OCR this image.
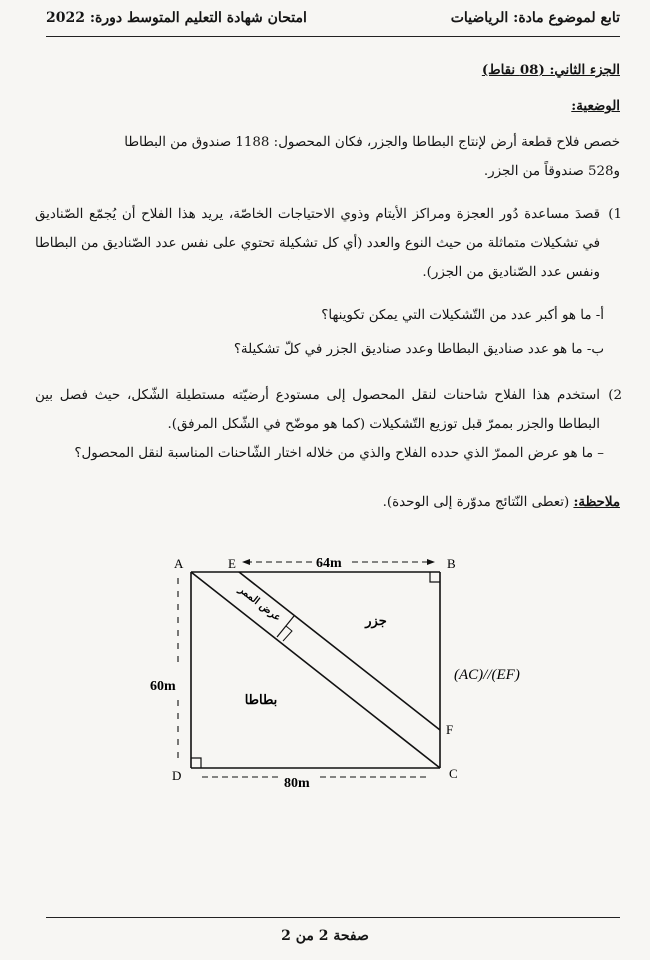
امتحان شهادة التعليم المتوسط دورة: 2022	تابع لموضوع مادة: الرياضيات
الجزء الثاني: (08 نقاط)
الوضعية:
خصص فلاح قطعة أرض لإنتاج البطاطا والجزر، فكان المحصول: 1188 صندوق من البطاطا
و528 صندوقاً من الجزر.
1)
قصدَ مساعدة دُور العجزة ومراكز الأيتام وذوي الاحتياجات الخاصّة، يريد هذا الفلاح أن يُجمّع الصّناديق في تشكيلات متماثلة من حيث النوع والعدد (أي كل تشكيلة تحتوي على نفس عدد الصّناديق من البطاطا ونفس عدد الصّناديق من الجزر).
أ- ما هو أكبر عدد من التّشكيلات التي يمكن تكوينها؟
ب- ما هو عدد صناديق البطاطا وعدد صناديق الجزر في كلّ تشكيلة؟
2)
استخدم هذا الفلاح شاحنات لنقل المحصول إلى مستودع أرضيّته مستطيلة الشّكل، حيث فصل بين البطاطا والجزر بممرّ قبل توزيع التّشكيلات (كما هو موضّح في الشّكل المرفق).
– ما هو عرض الممرّ الذي حدده الفلاح والذي من خلاله اختار الشّاحنات المناسبة لنقل المحصول؟
ملاحظة: (تعطى النّتائج مدوّرة إلى الوحدة).
A	E	B
F
C
D
64m
60m
80m
(AC)//(EF)
بطاطا
جزر
عرض الممر
صفحة 2 من 2
